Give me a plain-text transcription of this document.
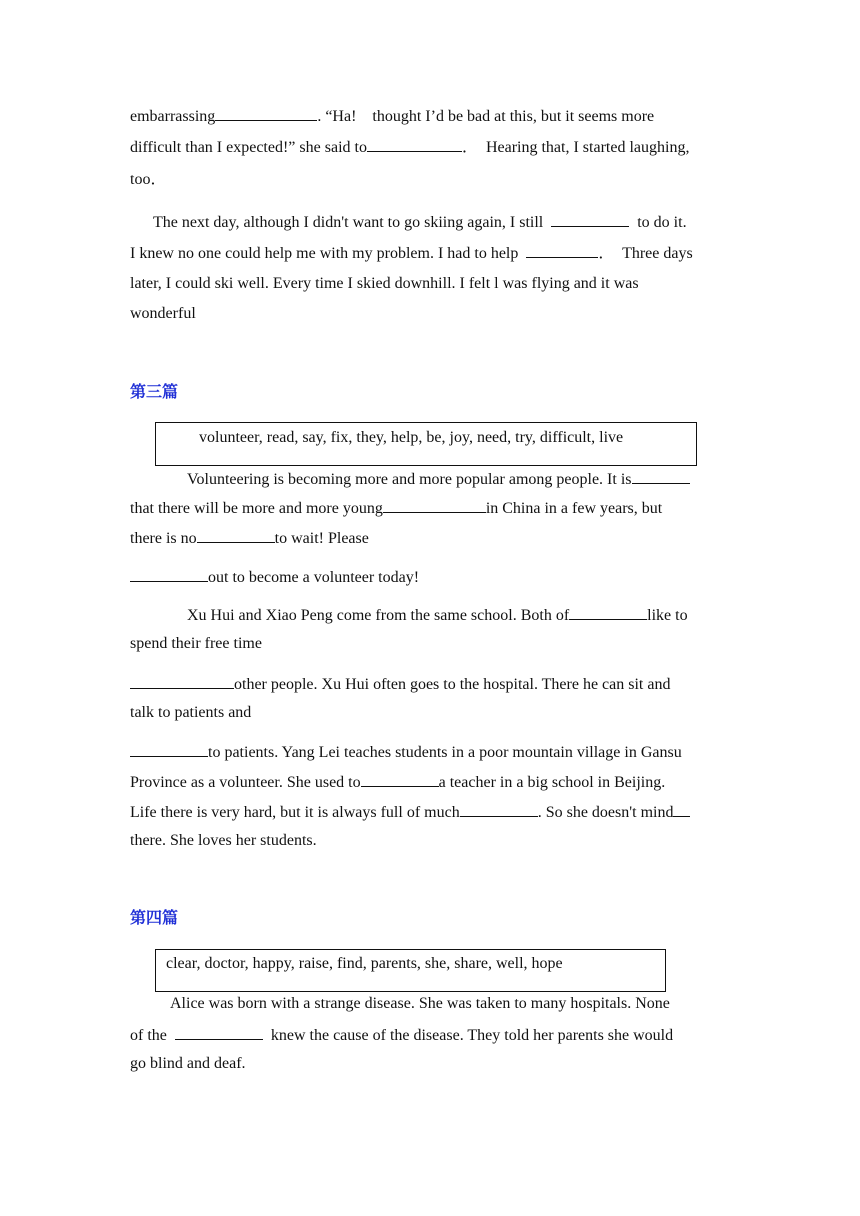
embarrassing	. “Ha!    thought I’d be bad at this, but it seems more
difficult than I expected!” she said to	．  Hearing that, I started laughing,
too．
The next day, although I didn't want to go skiing again, I still	to do it.
I knew no one could help me with my problem. I had to help	．  Three days
later, I could ski well. Every time I skied downhill. I felt l was flying and it was
wonderful
第三篇
volunteer, read, say, fix, they, help, be, joy, need, try, difficult, live
Volunteering is becoming more and more popular among people. It is
that there will be more and more young	in China in a few years, but
there is no	to wait! Please
out to become a volunteer today!
Xu Hui and Xiao Peng come from the same school. Both of	like to
spend their free time
other people. Xu Hui often goes to the hospital. There he can sit and
talk to patients and
to patients. Yang Lei teaches students in a poor mountain village in Gansu
Province as a volunteer. She used to	a teacher in a big school in Beijing.
Life there is very hard, but it is always full of much	. So she doesn't mind
there. She loves her students.
第四篇
clear, doctor, happy, raise, find, parents, she, share, well, hope
Alice was born with a strange disease. She was taken to many hospitals. None
of the	knew the cause of the disease. They told her parents she would
go blind and deaf.
